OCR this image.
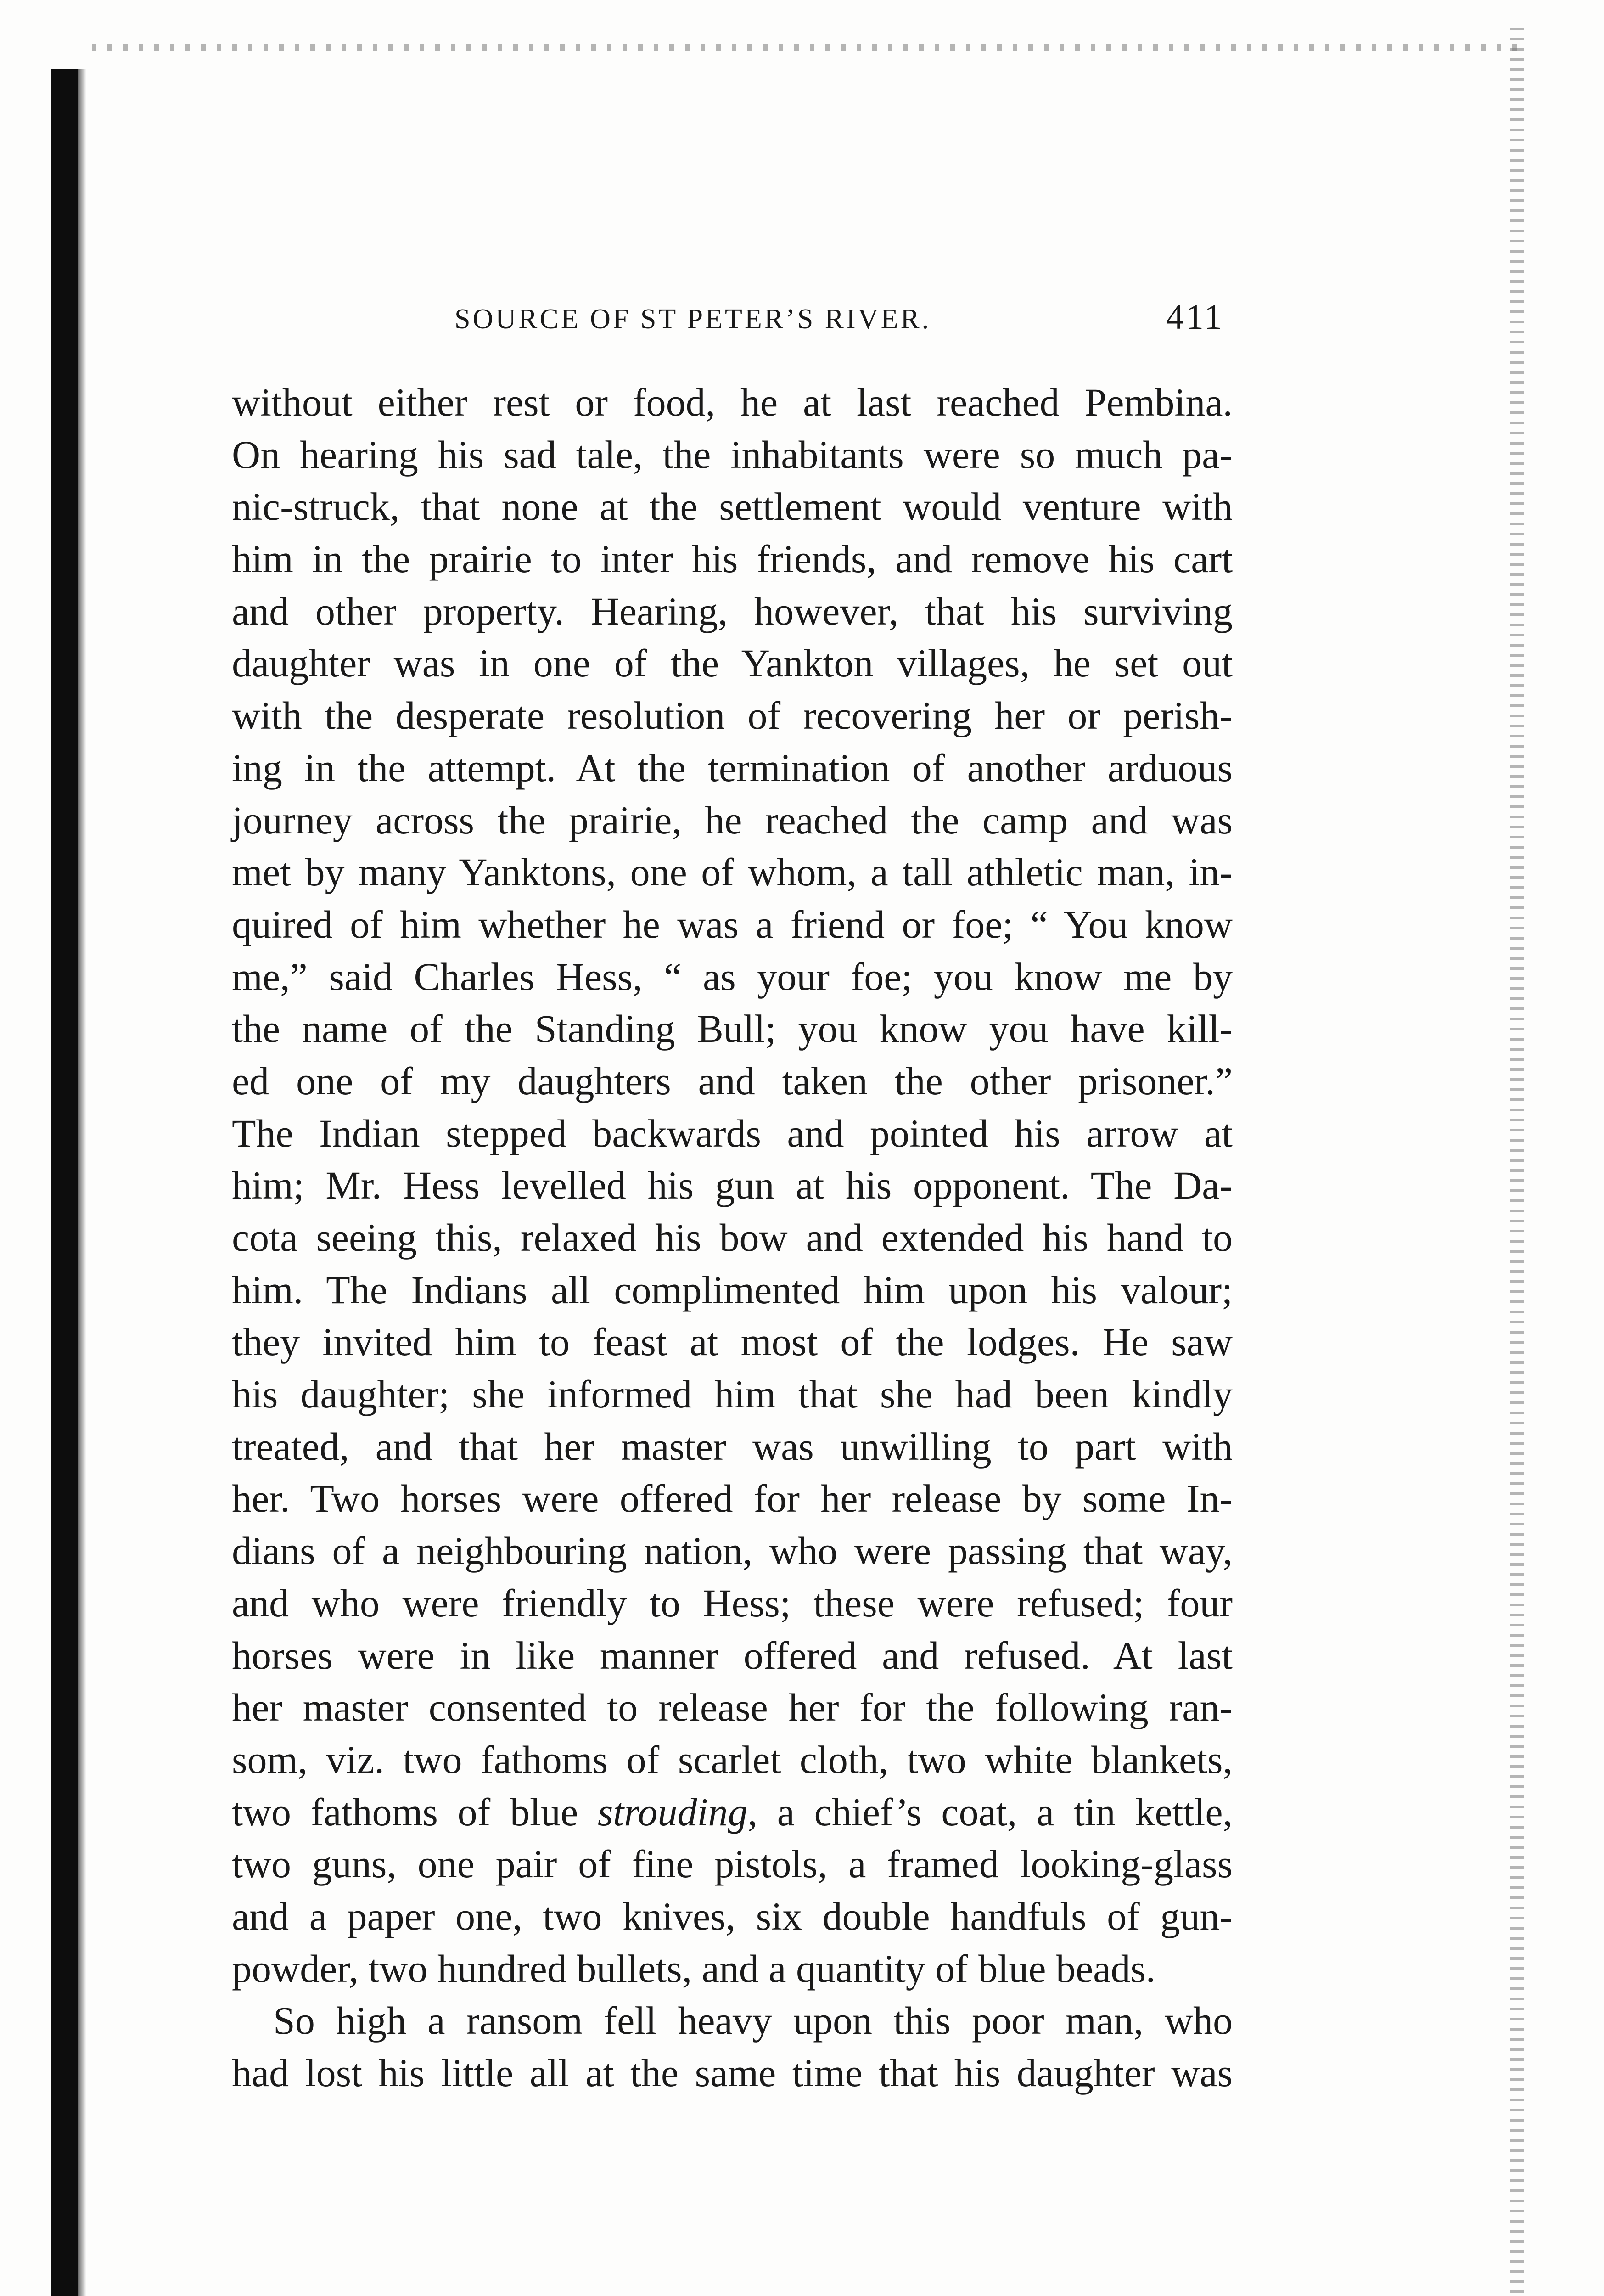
SOURCE OF ST PETER’S RIVER.	411
without either rest or food, he at last reached Pembina.
On hearing his sad tale, the inhabitants were so much pa-
nic-struck, that none at the settlement would venture with
him in the prairie to inter his friends, and remove his cart
and other property. Hearing, however, that his surviving
daughter was in one of the Yankton villages, he set out
with the desperate resolution of recovering her or perish-
ing in the attempt. At the termination of another arduous
journey across the prairie, he reached the camp and was
met by many Yanktons, one of whom, a tall athletic man, in-
quired of him whether he was a friend or foe; “ You know
me,” said Charles Hess, “ as your foe; you know me by
the name of the Standing Bull; you know you have kill-
ed one of my daughters and taken the other prisoner.”
The Indian stepped backwards and pointed his arrow at
him; Mr. Hess levelled his gun at his opponent. The Da-
cota seeing this, relaxed his bow and extended his hand to
him. The Indians all complimented him upon his valour;
they invited him to feast at most of the lodges. He saw
his daughter; she informed him that she had been kindly
treated, and that her master was unwilling to part with
her. Two horses were offered for her release by some In-
dians of a neighbouring nation, who were passing that way,
and who were friendly to Hess; these were refused; four
horses were in like manner offered and refused. At last
her master consented to release her for the following ran-
som, viz. two fathoms of scarlet cloth, two white blankets,
two fathoms of blue strouding, a chief’s coat, a tin kettle,
two guns, one pair of fine pistols, a framed looking-glass
and a paper one, two knives, six double handfuls of gun-
powder, two hundred bullets, and a quantity of blue beads.
So high a ransom fell heavy upon this poor man, who
had lost his little all at the same time that his daughter was
